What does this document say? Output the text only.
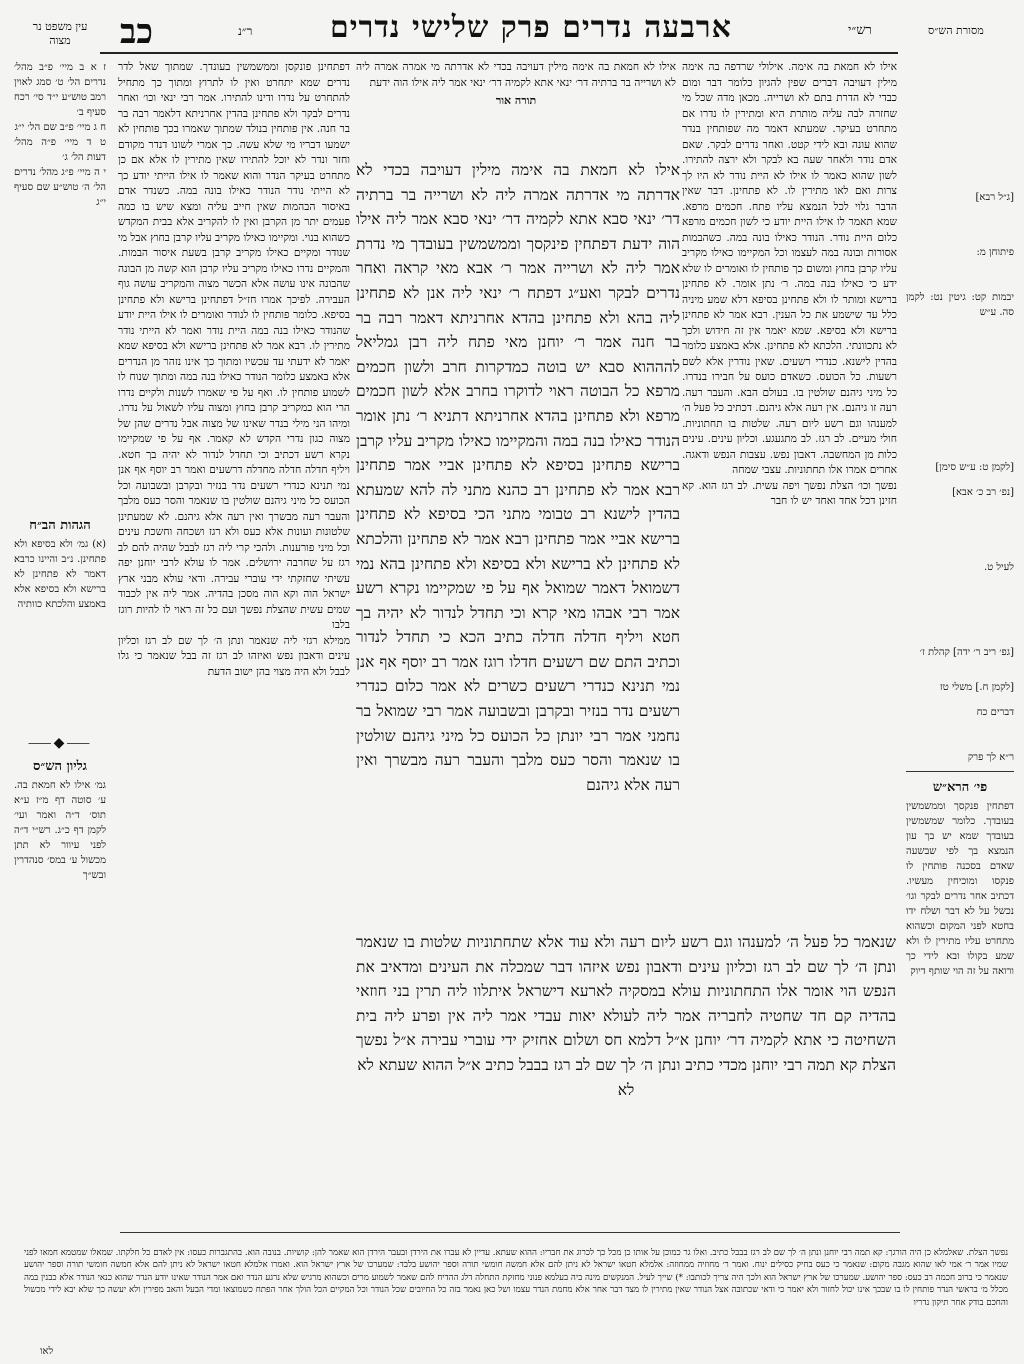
עין משפט נר מצוה	כב	ר״נ	ארבעה נדרים פרק שלישי נדרים	רש״י	מסורת הש״ס

ז א ב מיי׳ פ״ב מהל׳ נדרים הל׳ ט׳ סמג לאוין רמב טוש״ע י״ד סי׳ רכח סעיף ב׳

ח ג מיי׳ פ״ב שם הל׳ י״ג

ט ד מיי׳ פ״ה מהל׳ דעות הל׳ ג׳

י ה מיי׳ פ״ג מהל׳ נדרים הל׳ ה׳ טוש״ע שם סעיף י״ג

הגהות הב״ח

(א) גמ׳ ולא בסיפא ולא פתחינן. נ״ב והיינו כרבא דאמר לא פתחינן לא ברישא ולא בסיפא אלא באמצע והלכתא כוותיה

⸺◆⸺
גליון הש״ס

גמ׳ אילו לא חמאת בה. ע׳ סוטה דף מ״ז ע״א תוס׳ ד״ה ואמר ועי׳ לקמן דף כ״ג. רש״י ד״ה לפני עיוור לא תתן מכשול ע׳ במס׳ סנהדרין ובש״ך

דפתחינן פונקסן וממשמשין בעונדך. שמתוך שאל לדר נדרים שמא יתחרט ואין לו לתרוץ ומתוך כך מתחיל להתחרט על נדרו ודינו להתירו. אמר רבי ינאי וכו׳ ואחר נדרים לבקר ולא פתחינן בהדין אחרניתא דלאמר רבה בר בר חנה. אין פותחין בנולד שמתוך שאמרו בכך פותחין לא ישמעו דבריו מי שלא עשה. כך אמרי לשונו דנדר מקודם וחזר ונדר לא יוכל להתירו שאין מתירין לו אלא אם כן מתחרט בעיקר הנדר והוא שאמר לו אילו הייתי יודע כך לא הייתי נודר הנודר כאילו בונה במה. כשנדר אדם באיסור הבהמות שאין חייב עליה ומצא שיש בו כמה פעמים יתר מן הקרבן ואין לו להקריב אלא בבית המקדש כשהוא בנוי. ומקיימו כאילו מקריב עליו קרבן בחוץ אבל מי שנודר ומקיים כאילו מקריב קרבן בשעת איסור הבמות. והמקיים נדרו כאילו מקריב עליו קרבן הוא קשה מן הבונה שהבונה אינו עושה אלא הכשר מצוה והמקריב עושה גוף העבירה. לפיכך אמרו חז״ל דפתחינן ברישא ולא פתחינן בסיפא. כלומר פותחין לו לנודר ואומרים לו אילו היית יודע שהנודר כאילו בנה במה היית נודר ואמר לא הייתי נודר מתירין לו. רבא אמר לא פתחינן ברישא ולא בסיפא שמא יאמר לא ידעתי עד עכשיו ומתוך כך אינו נזהר מן הנדרים אלא באמצע כלומר הנודר כאילו בנה במה ומתוך שנוח לו לשמוע פותחין לו. ואף על פי שאמרו לשנות ולקיים נדרו הרי הוא כמקריב קרבן בחוץ ומצוה עליו לשאול על נדרו. ומיהו הני מילי בנדר שאינו של מצוה אבל נדרים שהן של מצוה כגון נדרי הקדש לא קאמר. אף על פי שמקיימו נקרא רשע דכתיב וכי תחדל לנדור לא יהיה בך חטא. ויליף חדלה חדלה מחדלה דרשעים ואמר רב יוסף אף אנן נמי תנינא כנדרי רשעים נדר בנזיר ובקרבן ובשבועה וכל הכועס כל מיני גיהנם שולטין בו שנאמר והסר כעס מלבך והעבר רעה מבשרך ואין רעה אלא גיהנם. לא שמעתינן שלטונות ועונות אלא כעס ולא רגז ושכחה וחשכת עינים וכל מיני פורענות. ולהכי קרי ליה רגז לבבל שהיה להם לב רגז על שחרבה ירושלים. אמר לו עולא לרבי יוחנן יפה עשיתי שחזקתי ידי עוברי עבירה. ודאי עולא מבני ארץ ישראל הוה וקא הוה מסכן בהדיה. אמר ליה אין לכבוד שמים עשית שהצלת נפשך ועם כל זה ראוי לו להיות רוגז בלבו

ממילא רגזי ליה שנאמר ונתן ה׳ לך שם לב רגז וכליון עינים ודאבון נפש ואיזהו לב רגז זה בבל שנאמר כי גלו לבבל ולא היה מצוי בהן ישוב הדעת

אילו לא חמאת בה אימה מילין דעויבה בכדי לא אדרתה מי אמרה אמרה ליה לא ושרייה בר ברתיה דר׳ ינאי אתא לקמיה דר׳ ינאי אמר ליה אילו הוה ידעת

תורה אור

אילו לא חמאת בה אימה מילין דעויבה בכדי לא אדרתה מי אדרתה אמרה ליה לא ושרייה בר ברתיה דר׳ ינאי סבא אתא לקמיה דר׳ ינאי סבא אמר ליה אילו הוה ידעת דפתחין פינקסך וממשמשין בעובדך מי נדרת אמר ליה לא ושרייה אמר ר׳ אבא מאי קראה ואחר נדרים לבקר ואע״ג דפתח ר׳ ינאי ליה אנן לא פתחינן ליה בהא ולא פתחינן בהדא אחרניתא דאמר רבה בר בר חנה אמר ר׳ יוחנן מאי פתח ליה רבן גמליאל להההוא סבא יש בוטה כמדקרות חרב ולשון חכמים מרפא כל הבוטה ראוי לדוקרו בחרב אלא לשון חכמים מרפא ולא פתחינן בהדא אחרניתא דתניא ר׳ נתן אומר הנודר כאילו בנה במה והמקיימו כאילו מקריב עליו קרבן ברישא פתחינן בסיפא לא פתחינן אביי אמר פתחינן רבא אמר לא פתחינן רב כהנא מתני לה להא שמעתא בהדין לישנא רב טבומי מתני הכי בסיפא לא פתחינן ברישא אביי אמר פתחינן רבא אמר לא פתחינן והלכתא לא פתחינן לא ברישא ולא בסיפא ולא פתחינן בהא נמי דשמואל דאמר שמואל אף על פי שמקיימו נקרא רשע אמר רבי אבהו מאי קרא וכי תחדל לנדור לא יהיה בך חטא ויליף חדלה חדלה כתיב הכא כי תחדל לנדור וכתיב התם שם רשעים חדלו רוגז אמר רב יוסף אף אנן נמי תנינא כנדרי רשעים כשרים לא אמר כלום כנדרי רשעים נדר בנזיר ובקרבן ובשבועה אמר רבי שמואל בר נחמני אמר רבי יונתן כל הכועס כל מיני גיהנם שולטין בו שנאמר והסר כעס מלבך והעבר רעה מבשרך ואין רעה אלא גיהנם

אילו לא חמאת בה אימה. אילולי שרדפה בה אימה מילין דעויבה דברים שפין להגיון כלומר דבר ומום כבדי לא הדרת בתם לא ושרייה. מכאן מדה שכל מי שחזרה לבה עליה מותרת היא ומתירין לו נדרו אם מתחרט בעיקר. שמעתא דאמר מה שפותחין בנדר שהוא עונה ובא לידי קטט. ואחר נדרים לבקר. שאם אדם נודר ולאחר שעה בא לבקר ולא ירצה להתירו. לשון שהוא כאמר לו אילו לא היית נודר לא היו לך צרות ואם לאו מתירין לו. לא פתחינן. דבר שאין הדבר גלוי לכל הנמצא עליו פתח. חכמים מרפא. שמא תאמר לו אילו היית יודע כי לשון חכמים מרפא כלום היית נודר. הנודר כאילו בונה במה. כשהבמות אסורות ובונה במה לעצמו וכל המקיימו כאילו מקריב עליו קרבן בחוץ ומשום כך פותחין לו ואומרים לו שלא ידע כי כאילו בנה במה. ר׳ נתן אומר. לא פתחינן ברישא ומותר לו ולא פתחינן בסיפא דלא שמע מיניה כלל עד שישמע את כל הענין. רבא אמר לא פתחינן ברישא ולא בסיפא. שמא יאמר אין זה חידוש ולכך לא נתכוונתי. הלכתא לא פתחינן. אלא באמצע כלומר בהדין לישנא. כנדרי רשעים. שאין נודרין אלא לשם רשעות. כל הכועס. כשאדם כועס על חבירו בנדרו. כל מיני גיהנם שולטין בו. בעולם הבא. והעבר רעה. רעה זו גיהנם. אין רעה אלא גיהנם. דכתיב כל פעל ה׳ למענהו וגם רשע ליום רעה. שלטות בו תחתוניות. חולי מעיים. לב רגז. לב מתגעגע. וכליון עינים. עינים כלות מן המחשבה. דאבון נפש. עצבות הנפש ודאגה. אחרים אמרו אלו תחתוניות. עצבי שמחה

נפשך וכו׳ הצלת נפשך ויפה עשית. לב רגז הוא. קא חזינן דכל אחד ואחד יש לו חבר

שנאמר כל פעל ה׳ למענהו וגם רשע ליום רעה ולא עוד אלא שתחתוניות שלטות בו שנאמר ונתן ה׳ לך שם לב רגז וכליון עינים ודאבון נפש איזהו דבר שמכלה את העינים ומדאיב את הנפש הוי אומר אלו התחתוניות עולא במסקיה לארעא דישראל איתלוו ליה תרין בני חוזאי בהדיה קם חד שחטיה לחבריה אמר ליה לעולא יאות עבדי אמר ליה אין ופרע ליה בית השחיטה כי אתא לקמיה דר׳ יוחנן א״ל דלמא חס ושלום אחזיק ידי עוברי עבירה א״ל נפשך הצלת קא תמה רבי יוחנן מכדי כתיב ונתן ה׳ לך שם לב רגז בבבל כתיב א״ל ההוא שעתא לא

לא

[ג״ל רבא]

פיתוחן מ:

יבמות קט: גיטין נט: לקמן סה. ע״ש

[לקמן ט: ע״ש סימן]

[נפ׳ רב כ׳ אבא]

לעיל ט.

[גפ׳ ריב ר׳ ידה] קהלת ז׳

[לקמן ח.] משלי טז

דברים כח

ר״א לך פרק

פי׳ הרא״ש

דפתחין פנקסך וממשמשין בעובדך. כלומר שמשמשין בעובדך שמא יש בך עון הנמצא בך לפי שבשעה שאדם בסכנה פותחין לו פנקסו ומוכיחין מעשיו. דכתיב אחר נדרים לבקר וגו׳ נכשל על לא דבר ושלח ידו בחטא לפני המקום וכשהוא מתחרט עליו מתירין לו ולא שמע בקולו ובא לידי כך ורואה על זה הוי שותף דיוק

נפשך הצלת. שאלמלא כן היה הורגך: קא תמה רבי יוחנן ונתן ה׳ לך שם לב רגז בבבל כתיב. ואלו גר כמוכן על אותו כן מכל כך לכרוג את חבריו: ההוא שעתא. עדיין לא עברו את הירדן ובעבר הירדן הוא שאמר להן: קושיות. בנובה הוא. בהתגברות כעסו: אין לאדם כל חלקתו. שמאלו שמטמא חמאו לפני שמיו אמר ר׳ אמי לאו שהוא מגבה מקום: שנאמר כי כעס בחיק כסילים ינוח. ואמר ר׳ מחוזיה ממחוזה: אלמלא חטאו ישראל לא ניתן להם אלא חמשה חומשי תורה וספר יהושע בלבד: שמערכו של ארץ ישראל הוא. ואמרו אלמלא חטאו ישראל לא ניתן להם אלא חמשה חומשי תורה וספר יהושע שנאמר כי ברוב חכמה רב כעס: ספר יהושע. שמערכו של ארץ ישראל הוא ולכך היה צריך לכותבו: *) שייך לעיל. המנקשים מינה ביה בעלמא פנוני מחזקת התחלה דלג ההדיח להם שאמר לשמוע מרים וכשהוא מרגיש שלא נרגע הנדר ואם אמר הנודר שאינו יודע הנדר שהוא כנאי הנודר אלא כבנין במה מכלל מ׳ בראשי הנדר פותחין לו בו שבכך אינו יכול לחזור ולא יאמר כי ודאי שכתובה אצל הנודר שאין מתירין לו מצד דבר אחר אלא מחמת הנדר עצמו ושל כאן נאמר בזה כל החיובים שכל הנודר וכל המקיים הכל הולך אחר הפתח כשמוצאו ומדי הבעל והאב מפירין ולא יעשה כך שלא יבא לידי מכשול והחכם בודק אחר תיקון נדריו

לאו
